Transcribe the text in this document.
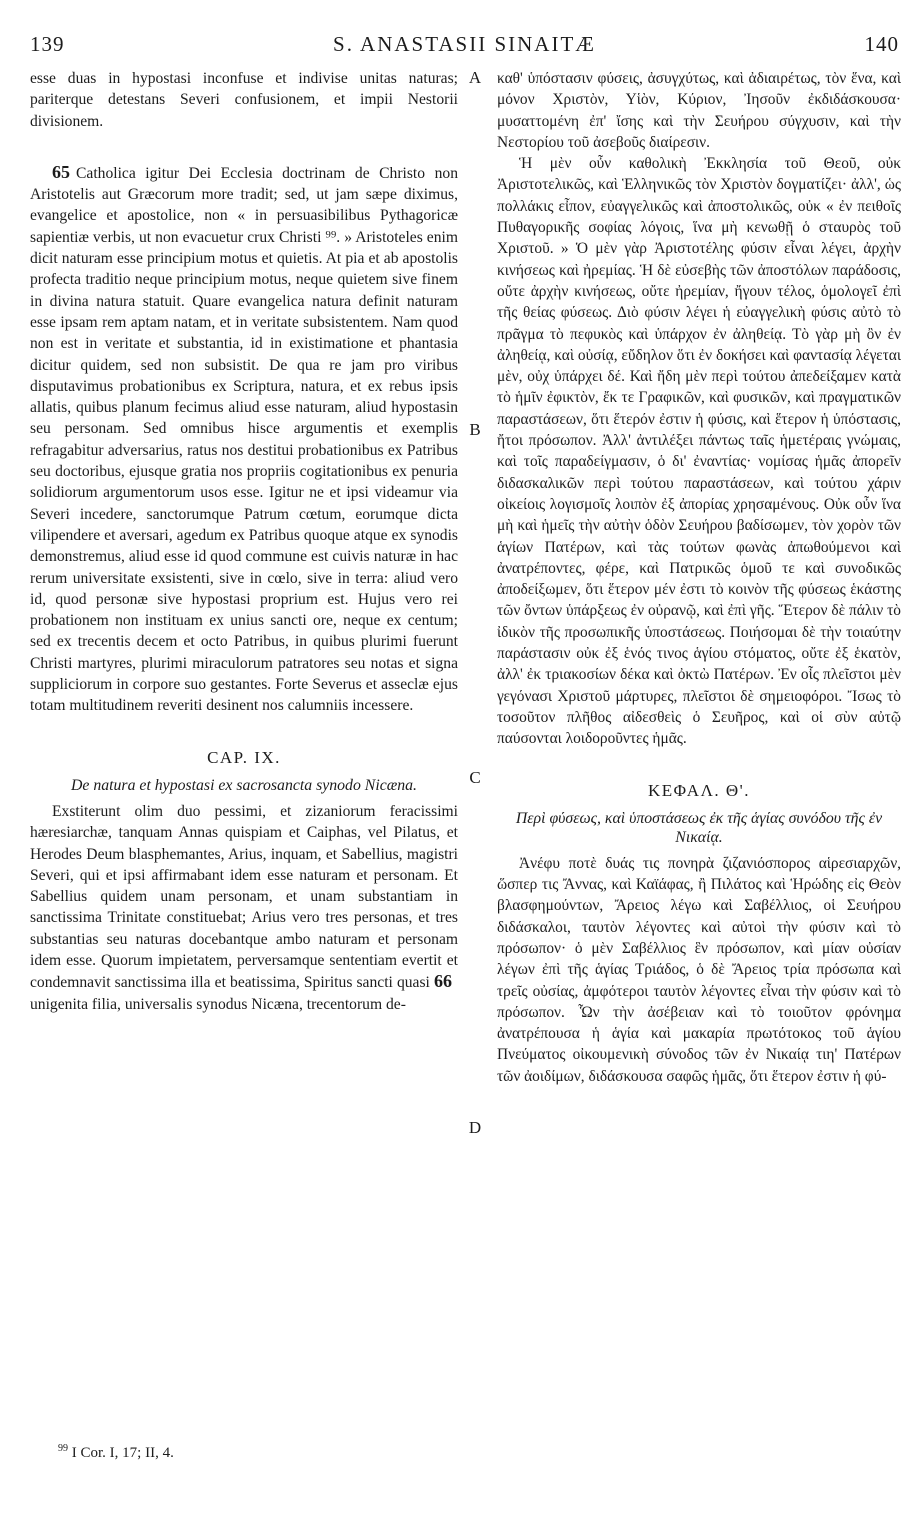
139	S. ANASTASII SINAITÆ	140

esse duas in hypostasi inconfuse et indivise unitas naturas; pariterque detestans Severi confusionem, et impii Nestorii divisionem.

65 Catholica igitur Dei Ecclesia doctrinam de Christo non Aristotelis aut Græcorum more tradit; sed, ut jam sæpe diximus, evangelice et apostolice, non « in persuasibilibus Pythagoricæ sapientiæ verbis, ut non evacuetur crux Christi ⁹⁹. » Aristoteles enim dicit naturam esse principium motus et quietis. At pia et ab apostolis profecta traditio neque principium motus, neque quietem sive finem in divina natura statuit. Quare evangelica natura definit naturam esse ipsam rem aptam natam, et in veritate subsistentem. Nam quod non est in veritate et substantia, id in existimatione et phantasia dicitur quidem, sed non subsistit. De qua re jam pro viribus disputavimus probationibus ex Scriptura, natura, et ex rebus ipsis allatis, quibus planum fecimus aliud esse naturam, aliud hypostasin seu personam. Sed omnibus hisce argumentis et exemplis refragabitur adversarius, ratus nos destitui probationibus ex Patribus seu doctoribus, ejusque gratia nos propriis cogitationibus ex penuria solidiorum argumentorum usos esse. Igitur ne et ipsi videamur via Severi incedere, sanctorumque Patrum cœtum, eorumque dicta vilipendere et aversari, agedum ex Patribus quoque atque ex synodis demonstremus, aliud esse id quod commune est cuivis naturæ in hac rerum universitate exsistenti, sive in cœlo, sive in terra: aliud vero id, quod personæ sive hypostasi proprium est. Hujus vero rei probationem non instituam ex unius sancti ore, neque ex centum; sed ex trecentis decem et octo Patribus, in quibus plurimi fuerunt Christi martyres, plurimi miraculorum patratores seu notas et signa suppliciorum in corpore suo gestantes. Forte Severus et asseclæ ejus totam multitudinem reveriti desinent nos calumniis incessere.

CAP. IX.
De natura et hypostasi ex sacrosancta synodo Nicæna.

Exstiterunt olim duo pessimi, et zizaniorum feracissimi hæresiarchæ, tanquam Annas quispiam et Caiphas, vel Pilatus, et Herodes Deum blasphemantes, Arius, inquam, et Sabellius, magistri Severi, qui et ipsi affirmabant idem esse naturam et personam. Et Sabellius quidem unam personam, et unam substantiam in sanctissima Trinitate constituebat; Arius vero tres personas, et tres substantias seu naturas docebantque ambo naturam et personam idem esse. Quorum impietatem, perversamque sententiam evertit et condemnavit sanctissima illa et beatissima, Spiritus sancti quasi 66 unigenita filia, universalis synodus Nicæna, trecentorum de-

A
B
C
D

καθ' ὑπόστασιν φύσεις, ἀσυγχύτως, καὶ ἀδιαιρέτως, τὸν ἕνα, καὶ μόνον Χριστὸν, Υἱὸν, Κύριον, Ἰησοῦν ἐκδιδάσκουσα· μυσαττομένη ἐπ' ἴσης καὶ τὴν Σευήρου σύγχυσιν, καὶ τὴν Νεστορίου τοῦ ἀσεβοῦς διαίρεσιν.

Ἡ μὲν οὖν καθολικὴ Ἐκκλησία τοῦ Θεοῦ, οὐκ Ἀριστοτελικῶς, καὶ Ἑλληνικῶς τὸν Χριστὸν δογματίζει· ἀλλ', ὡς πολλάκις εἶπον, εὐαγγελικῶς καὶ ἀποστολικῶς, οὐκ « ἐν πειθοῖς Πυθαγορικῆς σοφίας λόγοις, ἵνα μὴ κενωθῇ ὁ σταυρὸς τοῦ Χριστοῦ. » Ὁ μὲν γὰρ Ἀριστοτέλης φύσιν εἶναι λέγει, ἀρχὴν κινήσεως καὶ ἠρεμίας. Ἡ δὲ εὐσεβὴς τῶν ἀποστόλων παράδοσις, οὔτε ἀρχὴν κινήσεως, οὔτε ἠρεμίαν, ἤγουν τέλος, ὁμολογεῖ ἐπὶ τῆς θείας φύσεως. Διὸ φύσιν λέγει ἡ εὐαγγελικὴ φύσις αὐτὸ τὸ πρᾶγμα τὸ πεφυκὸς καὶ ὑπάρχον ἐν ἀληθείᾳ. Τὸ γὰρ μὴ ὂν ἐν ἀληθείᾳ, καὶ οὐσίᾳ, εὔδηλον ὅτι ἐν δοκήσει καὶ φαντασίᾳ λέγεται μὲν, οὐχ ὑπάρχει δέ. Καὶ ἤδη μὲν περὶ τούτου ἀπεδείξαμεν κατὰ τὸ ἡμῖν ἐφικτὸν, ἔκ τε Γραφικῶν, καὶ φυσικῶν, καὶ πραγματικῶν παραστάσεων, ὅτι ἕτερόν ἐστιν ἡ φύσις, καὶ ἕτερον ἡ ὑπόστασις, ἤτοι πρόσωπον. Ἀλλ' ἀντιλέξει πάντως ταῖς ἡμετέραις γνώμαις, καὶ τοῖς παραδείγμασιν, ὁ δι' ἐναντίας· νομίσας ἡμᾶς ἀπορεῖν διδασκαλικῶν περὶ τούτου παραστάσεων, καὶ τούτου χάριν οἰκείοις λογισμοῖς λοιπὸν ἐξ ἀπορίας χρησαμένους. Οὐκ οὖν ἵνα μὴ καὶ ἡμεῖς τὴν αὐτὴν ὁδὸν Σευήρου βαδίσωμεν, τὸν χορὸν τῶν ἁγίων Πατέρων, καὶ τὰς τούτων φωνὰς ἀπωθούμενοι καὶ ἀνατρέποντες, φέρε, καὶ Πατρικῶς ὁμοῦ τε καὶ συνοδικῶς ἀποδείξωμεν, ὅτι ἕτερον μέν ἐστι τὸ κοινὸν τῆς φύσεως ἑκάστης τῶν ὄντων ὑπάρξεως ἐν οὐρανῷ, καὶ ἐπὶ γῆς. Ἕτερον δὲ πάλιν τὸ ἰδικὸν τῆς προσωπικῆς ὑποστάσεως. Ποιήσομαι δὲ τὴν τοιαύτην παράστασιν οὐκ ἐξ ἑνός τινος ἁγίου στόματος, οὔτε ἐξ ἑκατὸν, ἀλλ' ἐκ τριακοσίων δέκα καὶ ὀκτὼ Πατέρων. Ἐν οἷς πλεῖστοι μὲν γεγόνασι Χριστοῦ μάρτυρες, πλεῖστοι δὲ σημειοφόροι. Ἴσως τὸ τοσοῦτον πλῆθος αἰδεσθεὶς ὁ Σευῆρος, καὶ οἱ σὺν αὐτῷ παύσονται λοιδοροῦντες ἡμᾶς.

ΚΕΦΑΛ. Θ'.
Περὶ φύσεως, καὶ ὑποστάσεως ἐκ τῆς ἁγίας συνόδου τῆς ἐν Νικαίᾳ.

Ἀνέφυ ποτὲ δυάς τις πονηρὰ ζιζανιόσπορος αἱρεσιαρχῶν, ὥσπερ τις Ἄννας, καὶ Καϊάφας, ἢ Πιλάτος καὶ Ἡρώδης εἰς Θεὸν βλασφημούντων, Ἄρειος λέγω καὶ Σαβέλλιος, οἱ Σευήρου διδάσκαλοι, ταυτὸν λέγοντες καὶ αὐτοὶ τὴν φύσιν καὶ τὸ πρόσωπον· ὁ μὲν Σαβέλλιος ἓν πρόσωπον, καὶ μίαν οὐσίαν λέγων ἐπὶ τῆς ἁγίας Τριάδος, ὁ δὲ Ἄρειος τρία πρόσωπα καὶ τρεῖς οὐσίας, ἀμφότεροι ταυτὸν λέγοντες εἶναι τὴν φύσιν καὶ τὸ πρόσωπον. Ὧν τὴν ἀσέβειαν καὶ τὸ τοιοῦτον φρόνημα ἀνατρέπουσα ἡ ἁγία καὶ μακαρία πρωτότοκος τοῦ ἁγίου Πνεύματος οἰκουμενικὴ σύνοδος τῶν ἐν Νικαίᾳ τιη' Πατέρων τῶν ἀοιδίμων, διδάσκουσα σαφῶς ἡμᾶς, ὅτι ἕτερον ἐστιν ἡ φύ-

$^{99}$ I Cor. I, 17; II, 4.
